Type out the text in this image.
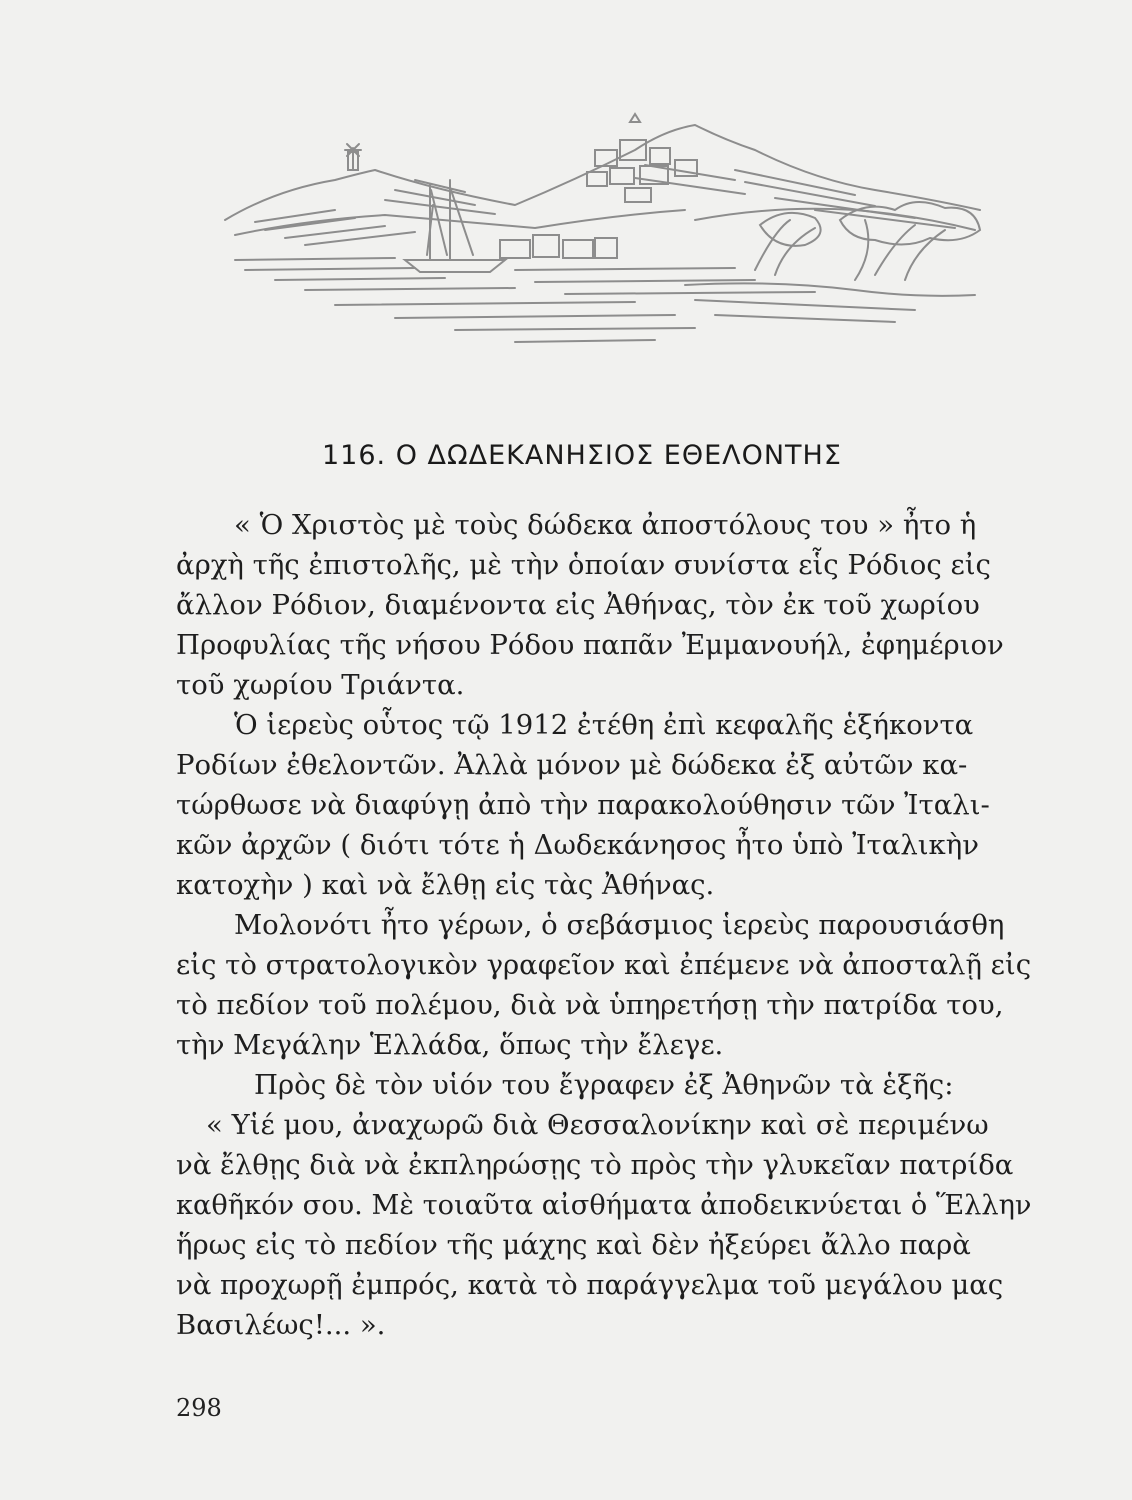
116. Ο ΔΩΔΕΚΑΝΗΣΙΟΣ ΕΘΕΛΟΝΤΗΣ
« Ὁ Χριστὸς μὲ τοὺς δώδεκα ἀποστόλους του » ἦτο ἡ
ἀρχὴ τῆς ἐπιστολῆς, μὲ τὴν ὁποίαν συνίστα εἷς Ρόδιος εἰς
ἄλλον Ρόδιον, διαμένοντα εἰς Ἀθήνας, τὸν ἐκ τοῦ χωρίου
Προφυλίας τῆς νήσου Ρόδου παπᾶν Ἐμμανουήλ, ἐφημέριον
τοῦ χωρίου Τριάντα.
Ὁ ἱερεὺς οὗτος τῷ 1912 ἐτέθη ἐπὶ κεφαλῆς ἑξήκοντα
Ροδίων ἐθελοντῶν. Ἀλλὰ μόνον μὲ δώδεκα ἐξ αὐτῶν κα-
τώρθωσε νὰ διαφύγῃ ἀπὸ τὴν παρακολούθησιν τῶν Ἰταλι-
κῶν ἀρχῶν ( διότι τότε ἡ Δωδεκάνησος ἦτο ὑπὸ Ἰταλικὴν
κατοχὴν ) καὶ νὰ ἔλθῃ εἰς τὰς Ἀθήνας.
Μολονότι ἦτο γέρων, ὁ σεβάσμιος ἱερεὺς παρουσιάσθη
εἰς τὸ στρατολογικὸν γραφεῖον καὶ ἐπέμενε νὰ ἀποσταλῇ εἰς
τὸ πεδίον τοῦ πολέμου, διὰ νὰ ὑπηρετήσῃ τὴν πατρίδα του,
τὴν Μεγάλην Ἑλλάδα, ὅπως τὴν ἔλεγε.
Πρὸς δὲ τὸν υἱόν του ἔγραφεν ἐξ Ἀθηνῶν τὰ ἑξῆς:
« Υἱέ μου, ἀναχωρῶ διὰ Θεσσαλονίκην καὶ σὲ περιμένω
νὰ ἔλθῃς διὰ νὰ ἐκπληρώσῃς τὸ πρὸς τὴν γλυκεῖαν πατρίδα
καθῆκόν σου. Μὲ τοιαῦτα αἰσθήματα ἀποδεικνύεται ὁ Ἕλλην
ἥρως εἰς τὸ πεδίον τῆς μάχης καὶ δὲν ἠξεύρει ἄλλο παρὰ
νὰ προχωρῇ ἐμπρός, κατὰ τὸ παράγγελμα τοῦ μεγάλου μας
Βασιλέως!... ».
298
